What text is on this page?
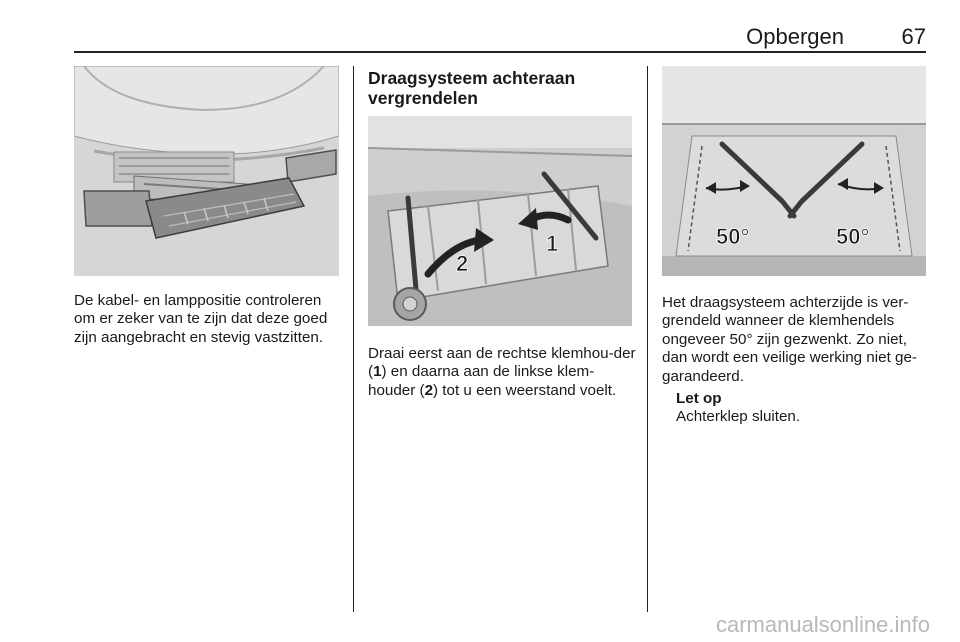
Opbergen	67

De kabel- en lamppositie controleren om er zeker van te zijn dat deze goed zijn aangebracht en stevig vastzitten.

Draagsysteem achteraan vergrendelen
1
2

Draai eerst aan de rechtse klemhou-der (1) en daarna aan de linkse klem-houder (2) tot u een weerstand voelt.

50°	50°

Het draagsysteem achterzijde is ver-grendeld wanneer de klemhendels ongeveer 50° zijn gezwenkt. Zo niet, dan wordt een veilige werking niet ge-garandeerd.

Let op
Achterklep sluiten.
carmanualsonline.info
